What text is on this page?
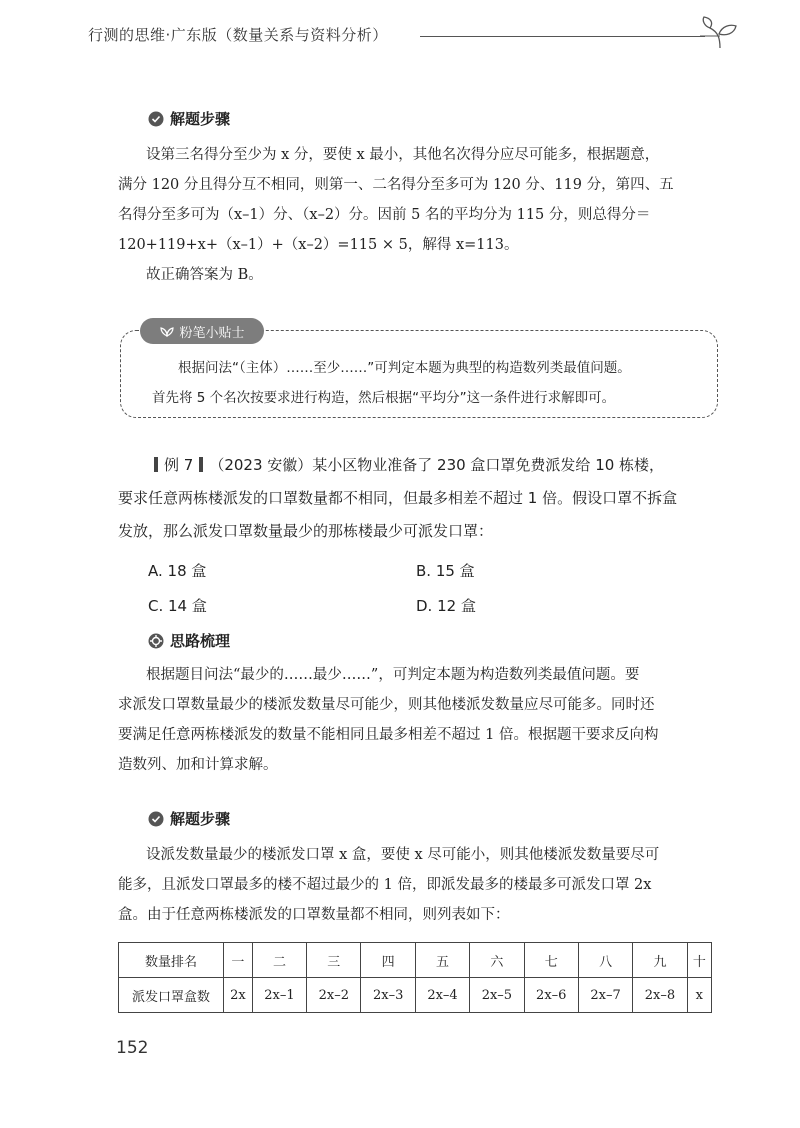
行测的思维·广东版（数量关系与资料分析）
解题步骤
设第三名得分至少为 x 分，要使 x 最小，其他名次得分应尽可能多，根据题意，
满分 120 分且得分互不相同，则第一、二名得分至多可为 120 分、119 分，第四、五
名得分至多可为（x–1）分、（x–2）分。因前 5 名的平均分为 115 分，则总得分＝
120+119+x+（x–1）+（x–2）=115 × 5，解得 x=113。
故正确答案为 B。
粉笔小贴士
根据问法“（主体）……至少……”可判定本题为典型的构造数列类最值问题。
首先将 5 个名次按要求进行构造，然后根据“平均分”这一条件进行求解即可。
例 7 （2023 安徽）某小区物业准备了 230 盒口罩免费派发给 10 栋楼，
要求任意两栋楼派发的口罩数量都不相同，但最多相差不超过 1 倍。假设口罩不拆盒
发放，那么派发口罩数量最少的那栋楼最少可派发口罩：
A. 18 盒	B. 15 盒
C. 14 盒	D. 12 盒
思路梳理
根据题目问法“最少的……最少……”，可判定本题为构造数列类最值问题。要
求派发口罩数量最少的楼派发数量尽可能少，则其他楼派发数量应尽可能多。同时还
要满足任意两栋楼派发的数量不能相同且最多相差不超过 1 倍。根据题干要求反向构
造数列、加和计算求解。
解题步骤
设派发数量最少的楼派发口罩 x 盒，要使 x 尽可能小，则其他楼派发数量要尽可
能多，且派发口罩最多的楼不超过最少的 1 倍，即派发最多的楼最多可派发口罩 2x
盒。由于任意两栋楼派发的口罩数量都不相同，则列表如下：
数量排名	一	二	三	四	五	六	七	八	九	十
派发口罩盒数	2x	2x–1	2x–2	2x–3	2x–4	2x–5	2x–6	2x–7	2x–8	x
152
